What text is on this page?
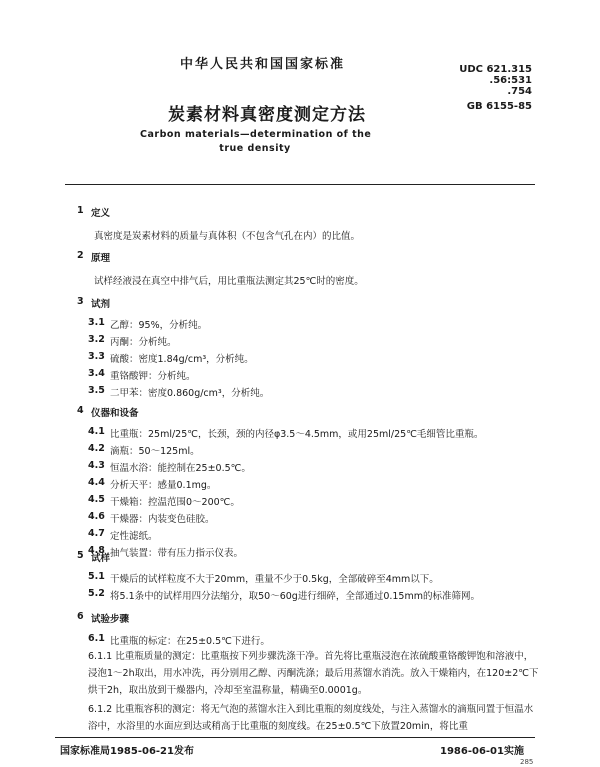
中华人民共和国国家标准	UDC 621.315
.56:531
.754
GB 6155-85
炭素材料真密度测定方法
Carbon materials—determination of the
true density
1 定义
真密度是炭素材料的质量与真体积（不包含气孔在内）的比值。
2 原理
试样经液浸在真空中排气后，用比重瓶法测定其25℃时的密度。
3 试剂
3.1 乙醇：95%，分析纯。
3.2 丙酮：分析纯。
3.3 硫酸：密度1.84g/cm³，分析纯。
3.4 重铬酸钾：分析纯。
3.5 二甲苯：密度0.860g/cm³，分析纯。
4 仪器和设备
4.1 比重瓶：25ml/25℃，长颈，颈的内径φ3.5～4.5mm，或用25ml/25℃毛细管比重瓶。
4.2 滴瓶：50～125ml。
4.3 恒温水浴：能控制在25±0.5℃。
4.4 分析天平：感量0.1mg。
4.5 干燥箱：控温范围0～200℃。
4.6 干燥器：内装变色硅胶。
4.7 定性滤纸。
4.8 抽气装置：带有压力指示仪表。
5 试样
5.1 干燥后的试样粒度不大于20mm，重量不少于0.5kg，全部破碎至4mm以下。
5.2 将5.1条中的试样用四分法缩分，取50～60g进行细碎，全部通过0.15mm的标准筛网。
6 试验步骤
6.1 比重瓶的标定：在25±0.5℃下进行。
6.1.1 比重瓶质量的测定：比重瓶按下列步骤洗涤干净。首先将比重瓶浸泡在浓硫酸重铬酸钾饱和溶液中，浸泡1～2h取出，用水冲洗，再分别用乙醇、丙酮洗涤；最后用蒸馏水消洗。放入干燥箱内，在120±2℃下烘干2h，取出放到干燥器内，冷却至室温称量，精确至0.0001g。
6.1.2 比重瓶容积的测定：将无气泡的蒸馏水注入到比重瓶的刻度线处，与注入蒸馏水的滴瓶同置于恒温水浴中，水浴里的水面应到达或稍高于比重瓶的刻度线。在25±0.5℃下放置20min，将比重
国家标准局1985-06-21发布	1986-06-01实施
285
